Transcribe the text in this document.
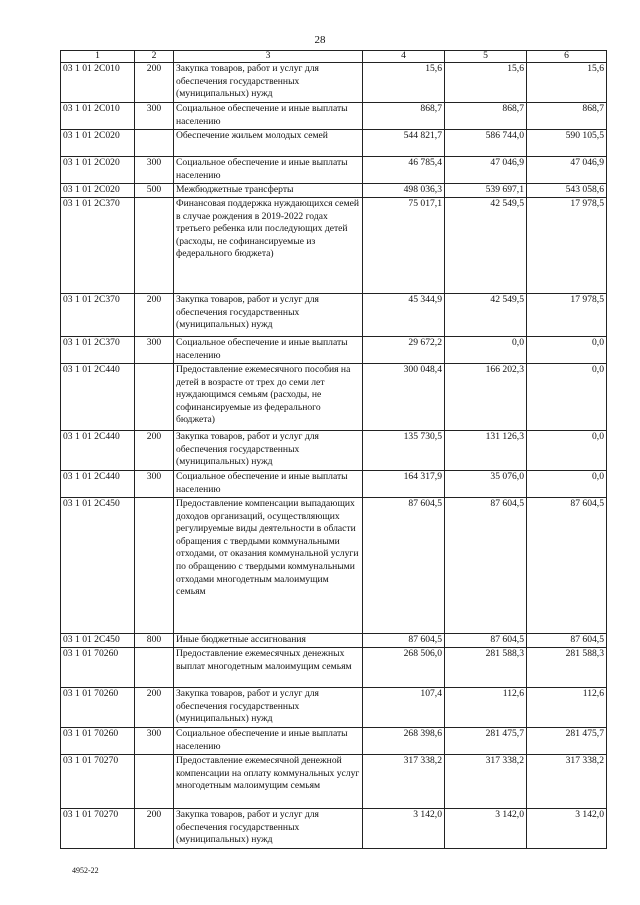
28
1	2	3	4	5	6
03 1 01 2С010	200	Закупка товаров, работ и услуг для обеспечения государственных (муниципальных) нужд	15,6	15,6	15,6
03 1 01 2С010	300	Социальное обеспечение и иные выплаты населению	868,7	868,7	868,7
03 1 01 2С020		Обеспечение жильем молодых семей	544 821,7	586 744,0	590 105,5
03 1 01 2С020	300	Социальное обеспечение и иные выплаты населению	46 785,4	47 046,9	47 046,9
03 1 01 2С020	500	Межбюджетные трансферты	498 036,3	539 697,1	543 058,6
03 1 01 2С370		Финансовая поддержка нуждающихся семей в случае рождения в 2019-2022 годах третьего ребенка или последующих детей (расходы, не софинансируемые из федерального бюджета)	75 017,1	42 549,5	17 978,5
03 1 01 2С370	200	Закупка товаров, работ и услуг для обеспечения государственных (муниципальных) нужд	45 344,9	42 549,5	17 978,5
03 1 01 2С370	300	Социальное обеспечение и иные выплаты населению	29 672,2	0,0	0,0
03 1 01 2С440		Предоставление ежемесячного пособия на детей в возрасте от трех до семи лет нуждающимся семьям (расходы, не софинансируемые из федерального бюджета)	300 048,4	166 202,3	0,0
03 1 01 2С440	200	Закупка товаров, работ и услуг для обеспечения государственных (муниципальных) нужд	135 730,5	131 126,3	0,0
03 1 01 2С440	300	Социальное обеспечение и иные выплаты населению	164 317,9	35 076,0	0,0
03 1 01 2С450		Предоставление компенсации выпадающих доходов организаций, осуществляющих регулируемые виды деятельности в области обращения с твердыми коммунальными отходами, от оказания коммунальной услуги по обращению с твердыми коммунальными отходами многодетным малоимущим семьям	87 604,5	87 604,5	87 604,5
03 1 01 2С450	800	Иные бюджетные ассигнования	87 604,5	87 604,5	87 604,5
03 1 01 70260		Предоставление ежемесячных денежных выплат многодетным малоимущим семьям	268 506,0	281 588,3	281 588,3
03 1 01 70260	200	Закупка товаров, работ и услуг для обеспечения государственных (муниципальных) нужд	107,4	112,6	112,6
03 1 01 70260	300	Социальное обеспечение и иные выплаты населению	268 398,6	281 475,7	281 475,7
03 1 01 70270		Предоставление ежемесячной денежной компенсации на оплату коммунальных услуг многодетным малоимущим семьям	317 338,2	317 338,2	317 338,2
03 1 01 70270	200	Закупка товаров, работ и услуг для обеспечения государственных (муниципальных) нужд	3 142,0	3 142,0	3 142,0
4952-22
